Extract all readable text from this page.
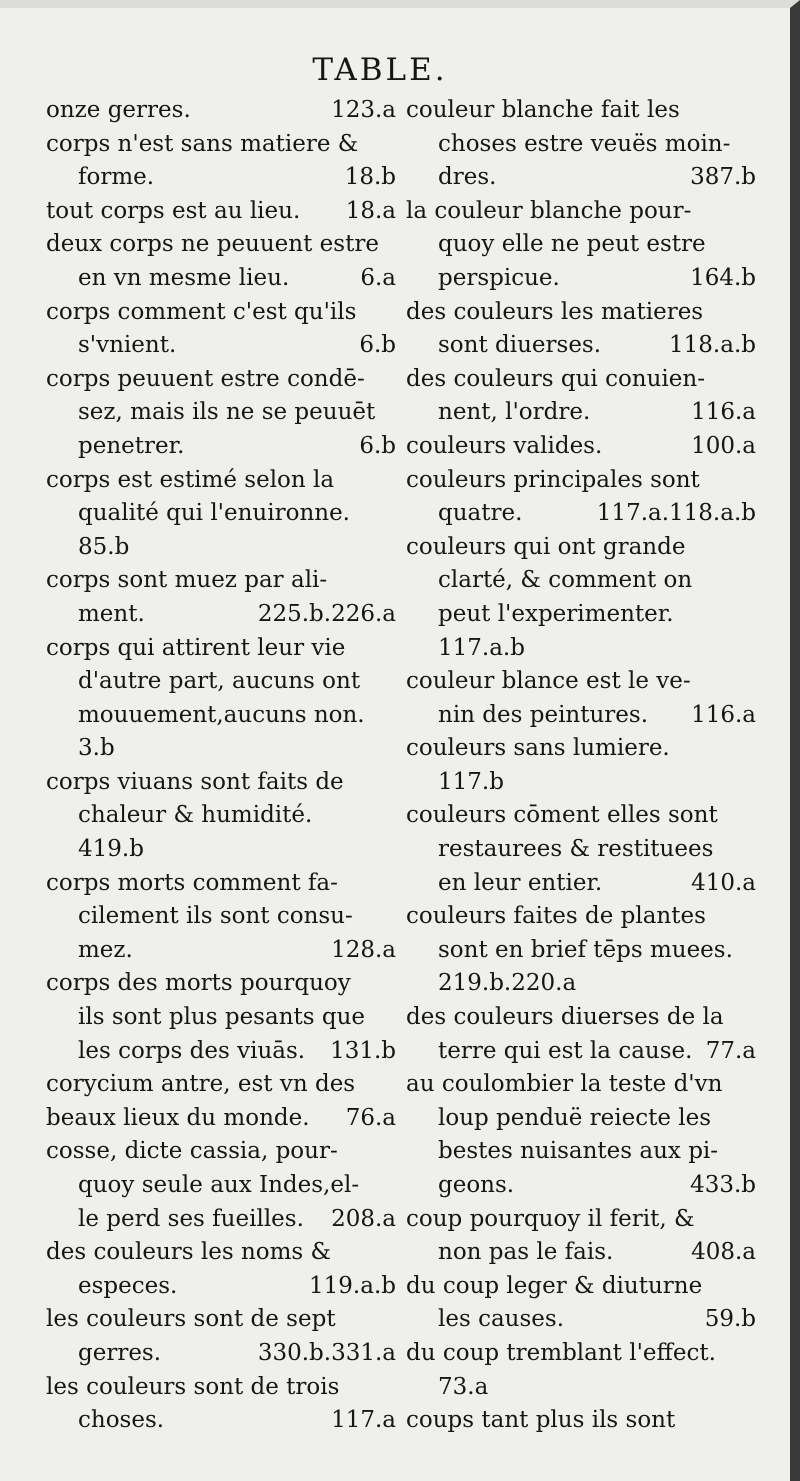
TABLE.
onze gerres.	123.a
corps n'est sans matiere &
forme.	18.b
tout corps est au lieu. 18.a
deux corps ne peuuent estre
en vn mesme lieu.	6.a
corps comment c'est qu'ils
s'vnient.	6.b
corps peuuent estre condē-
sez, mais ils ne se peuuēt
penetrer.	6.b
corps est estimé selon la
qualité qui l'enuironne.
85.b
corps sont muez par ali-
ment.	225.b.226.a
corps qui attirent leur vie
d'autre part, aucuns ont
mouuement,aucuns non.
3.b
corps viuans sont faits de
chaleur & humidité.
419.b
corps morts comment fa-
cilement ils sont consu-
mez.	128.a
corps des morts pourquoy
ils sont plus pesants que
les corps des viuās. 131.b
corycium antre, est vn des
beaux lieux du monde. 76.a
cosse, dicte cassia, pour-
quoy seule aux Indes,el-
le perd ses fueilles. 208.a
des couleurs les noms &
especes.	119.a.b
les couleurs sont de sept
gerres.	330.b.331.a
les couleurs sont de trois
choses.	117.a
couleur blanche fait les
choses estre veuës moin-
dres.	387.b
la couleur blanche pour-
quoy elle ne peut estre
perspicue.	164.b
des couleurs les matieres
sont diuerses.	118.a.b
des couleurs qui conuien-
nent, l'ordre.	116.a
couleurs valides.	100.a
couleurs principales sont
quatre.	117.a.118.a.b
couleurs qui ont grande
clarté, & comment on
peut l'experimenter.
117.a.b
couleur blance est le ve-
nin des peintures. 116.a
couleurs sans lumiere.
117.b
couleurs cōment elles sont
restaurees & restituees
en leur entier.	410.a
couleurs faites de plantes
sont en brief tēps muees.
219.b.220.a
des couleurs diuerses de la
terre qui est la cause. 77.a
au coulombier la teste d'vn
loup penduë reiecte les
bestes nuisantes aux pi-
geons.	433.b
coup pourquoy il ferit, &
non pas le fais.	408.a
du coup leger & diuturne
les causes.	59.b
du coup tremblant l'effect.
73.a
coups tant plus ils sont
